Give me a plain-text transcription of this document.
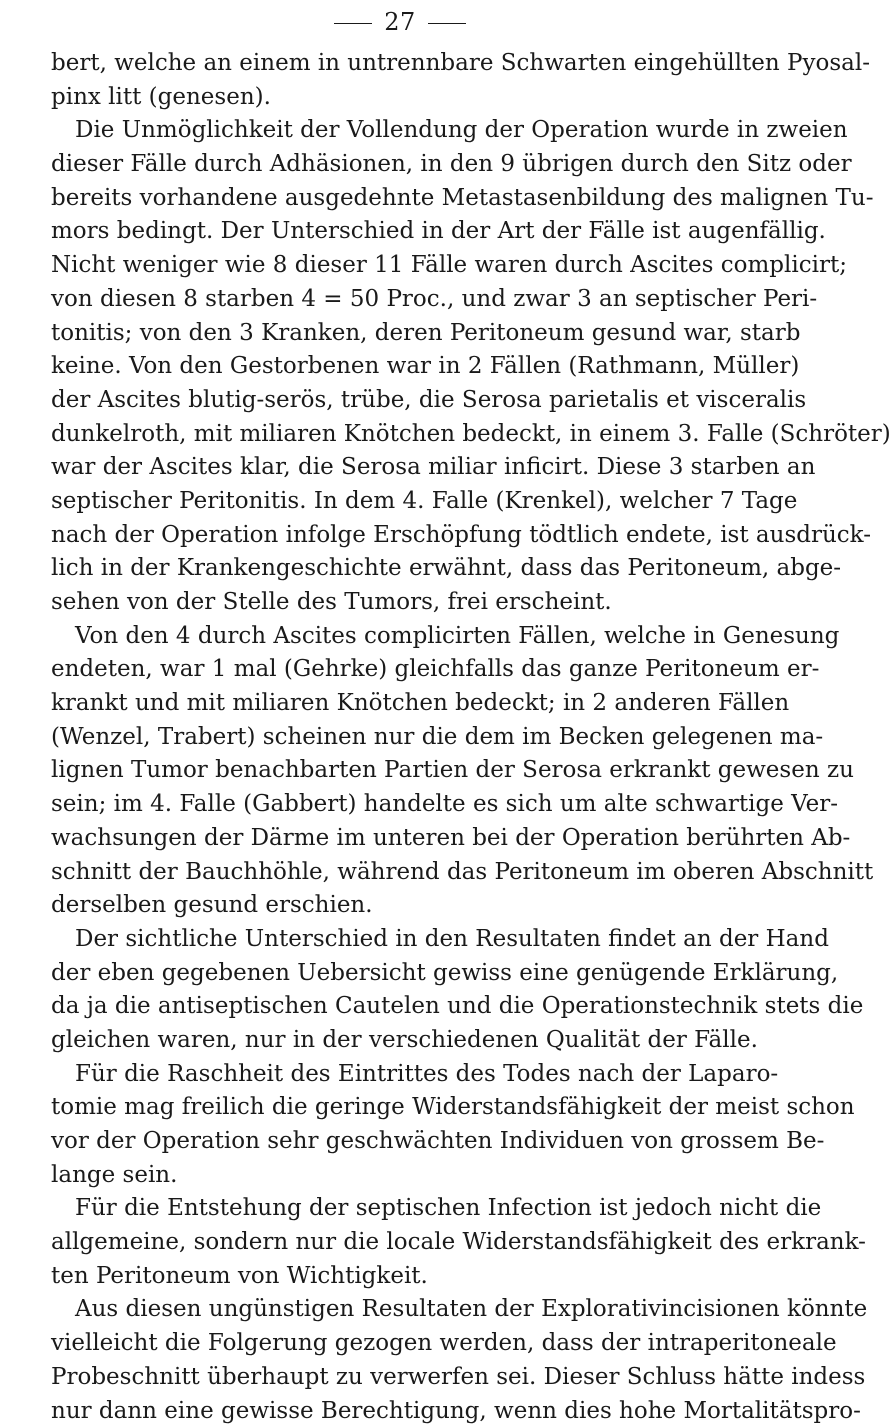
27
bert, welche an einem in untrennbare Schwarten eingehüllten Pyosal-
pinx litt (genesen).
Die Unmöglichkeit der Vollendung der Operation wurde in zweien
dieser Fälle durch Adhäsionen, in den 9 übrigen durch den Sitz oder
bereits vorhandene ausgedehnte Metastasenbildung des malignen Tu-
mors bedingt. Der Unterschied in der Art der Fälle ist augenfällig.
Nicht weniger wie 8 dieser 11 Fälle waren durch Ascites complicirt;
von diesen 8 starben 4 = 50 Proc., und zwar 3 an septischer Peri-
tonitis; von den 3 Kranken, deren Peritoneum gesund war, starb
keine. Von den Gestorbenen war in 2 Fällen (Rathmann, Müller)
der Ascites blutig-serös, trübe, die Serosa parietalis et visceralis
dunkelroth, mit miliaren Knötchen bedeckt, in einem 3. Falle (Schröter)
war der Ascites klar, die Serosa miliar inficirt. Diese 3 starben an
septischer Peritonitis. In dem 4. Falle (Krenkel), welcher 7 Tage
nach der Operation infolge Erschöpfung tödtlich endete, ist ausdrück-
lich in der Krankengeschichte erwähnt, dass das Peritoneum, abge-
sehen von der Stelle des Tumors, frei erscheint.
Von den 4 durch Ascites complicirten Fällen, welche in Genesung
endeten, war 1 mal (Gehrke) gleichfalls das ganze Peritoneum er-
krankt und mit miliaren Knötchen bedeckt; in 2 anderen Fällen
(Wenzel, Trabert) scheinen nur die dem im Becken gelegenen ma-
lignen Tumor benachbarten Partien der Serosa erkrankt gewesen zu
sein; im 4. Falle (Gabbert) handelte es sich um alte schwartige Ver-
wachsungen der Därme im unteren bei der Operation berührten Ab-
schnitt der Bauchhöhle, während das Peritoneum im oberen Abschnitt
derselben gesund erschien.
Der sichtliche Unterschied in den Resultaten findet an der Hand
der eben gegebenen Uebersicht gewiss eine genügende Erklärung,
da ja die antiseptischen Cautelen und die Operationstechnik stets die
gleichen waren, nur in der verschiedenen Qualität der Fälle.
Für die Raschheit des Eintrittes des Todes nach der Laparo-
tomie mag freilich die geringe Widerstandsfähigkeit der meist schon
vor der Operation sehr geschwächten Individuen von grossem Be-
lange sein.
Für die Entstehung der septischen Infection ist jedoch nicht die
allgemeine, sondern nur die locale Widerstandsfähigkeit des erkrank-
ten Peritoneum von Wichtigkeit.
Aus diesen ungünstigen Resultaten der Explorativincisionen könnte
vielleicht die Folgerung gezogen werden, dass der intraperitoneale
Probeschnitt überhaupt zu verwerfen sei. Dieser Schluss hätte indess
nur dann eine gewisse Berechtigung, wenn dies hohe Mortalitätspro-
